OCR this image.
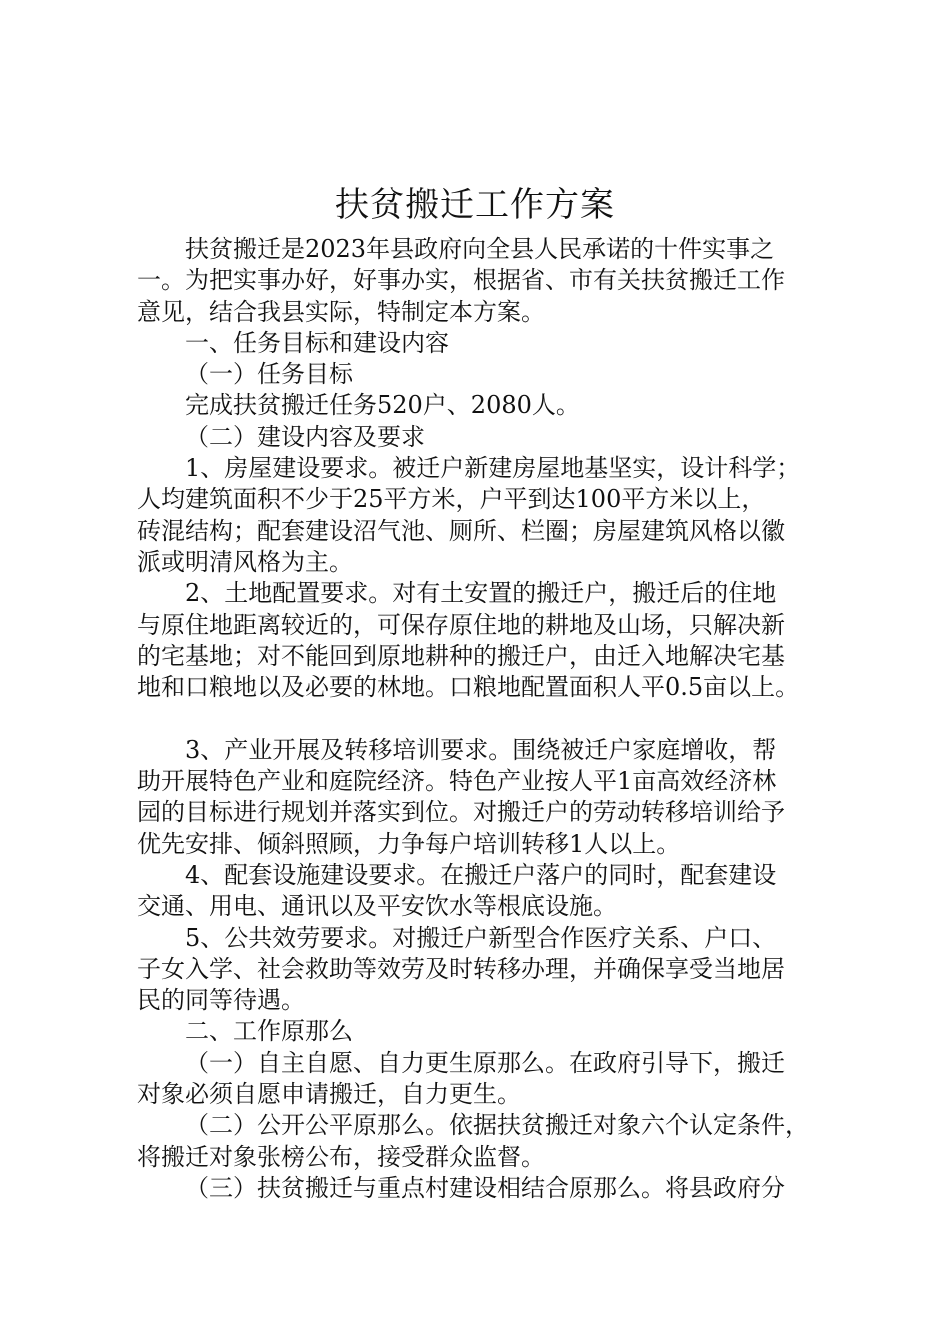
扶贫搬迁工作方案
扶贫搬迁是2023年县政府向全县人民承诺的十件实事之
一。为把实事办好，好事办实，根据省、市有关扶贫搬迁工作
意见，结合我县实际，特制定本方案。
一、任务目标和建设内容
（一）任务目标
完成扶贫搬迁任务520户、2080人。
（二）建设内容及要求
1、房屋建设要求。被迁户新建房屋地基坚实，设计科学；
人均建筑面积不少于25平方米，户平到达100平方米以上，
砖混结构；配套建设沼气池、厕所、栏圈；房屋建筑风格以徽
派或明清风格为主。
2、土地配置要求。对有土安置的搬迁户，搬迁后的住地
与原住地距离较近的，可保存原住地的耕地及山场，只解决新
的宅基地；对不能回到原地耕种的搬迁户，由迁入地解决宅基
地和口粮地以及必要的林地。口粮地配置面积人平0.5亩以上。
3、产业开展及转移培训要求。围绕被迁户家庭增收，帮
助开展特色产业和庭院经济。特色产业按人平1亩高效经济林
园的目标进行规划并落实到位。对搬迁户的劳动转移培训给予
优先安排、倾斜照顾，力争每户培训转移1人以上。
4、配套设施建设要求。在搬迁户落户的同时，配套建设
交通、用电、通讯以及平安饮水等根底设施。
5、公共效劳要求。对搬迁户新型合作医疗关系、户口、
子女入学、社会救助等效劳及时转移办理，并确保享受当地居
民的同等待遇。
二、工作原那么
（一）自主自愿、自力更生原那么。在政府引导下，搬迁
对象必须自愿申请搬迁，自力更生。
（二）公开公平原那么。依据扶贫搬迁对象六个认定条件，
将搬迁对象张榜公布，接受群众监督。
（三）扶贫搬迁与重点村建设相结合原那么。将县政府分
